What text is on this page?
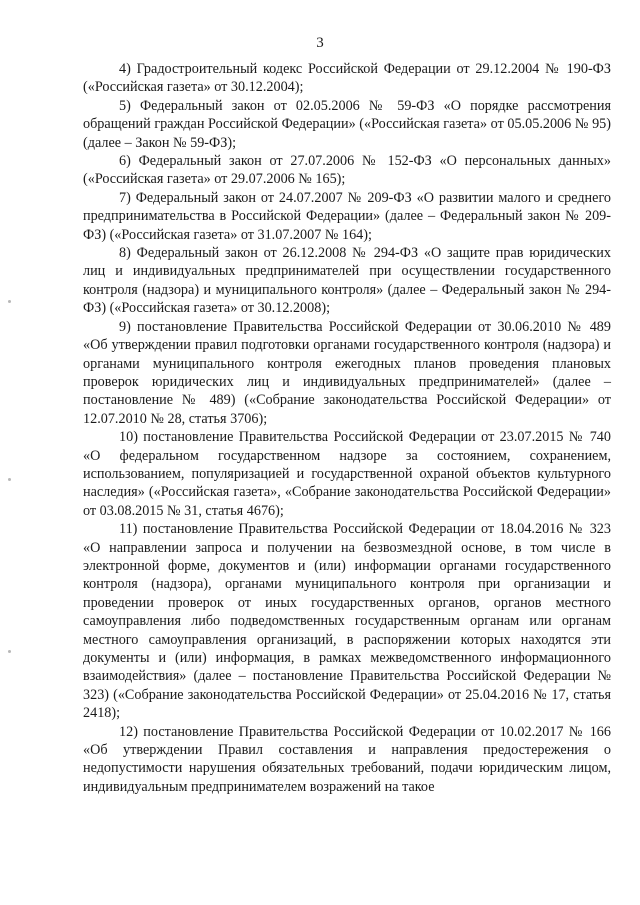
3

4) Градостроительный кодекс Российской Федерации от 29.12.2004 № 190-ФЗ («Российская газета» от 30.12.2004);

5) Федеральный закон от 02.05.2006 № 59-ФЗ «О порядке рассмотрения обращений граждан Российской Федерации» («Российская газета» от 05.05.2006 № 95) (далее – Закон № 59-ФЗ);

6) Федеральный закон от 27.07.2006 № 152-ФЗ «О персональных данных» («Российская газета» от 29.07.2006 № 165);

7) Федеральный закон от 24.07.2007 № 209-ФЗ «О развитии малого и среднего предпринимательства в Российской Федерации» (далее – Федеральный закон № 209-ФЗ) («Российская газета» от 31.07.2007 № 164);

8) Федеральный закон от 26.12.2008 № 294-ФЗ «О защите прав юридических лиц и индивидуальных предпринимателей при осуществлении государственного контроля (надзора) и муниципального контроля» (далее – Федеральный закон № 294-ФЗ) («Российская газета» от 30.12.2008);

9) постановление Правительства Российской Федерации от 30.06.2010 № 489 «Об утверждении правил подготовки органами государственного контроля (надзора) и органами муниципального контроля ежегодных планов проведения плановых проверок юридических лиц и индивидуальных предпринимателей» (далее – постановление № 489) («Собрание законодательства Российской Федерации» от 12.07.2010 № 28, статья 3706);

10) постановление Правительства Российской Федерации от 23.07.2015 № 740 «О федеральном государственном надзоре за состоянием, сохранением, использованием, популяризацией и государственной охраной объектов культурного наследия» («Российская газета», «Собрание законодательства Российской Федерации» от 03.08.2015 № 31, статья 4676);

11) постановление Правительства Российской Федерации от 18.04.2016 № 323 «О направлении запроса и получении на безвозмездной основе, в том числе в электронной форме, документов и (или) информации органами государственного контроля (надзора), органами муниципального контроля при организации и проведении проверок от иных государственных органов, органов местного самоуправления либо подведомственных государственным органам или органам местного самоуправления организаций, в распоряжении которых находятся эти документы и (или) информация, в рамках межведомственного информационного взаимодействия» (далее – постановление Правительства Российской Федерации № 323) («Собрание законодательства Российской Федерации» от 25.04.2016 № 17, статья 2418);

12) постановление Правительства Российской Федерации от 10.02.2017 № 166 «Об утверждении Правил составления и направления предостережения о недопустимости нарушения обязательных требований, подачи юридическим лицом, индивидуальным предпринимателем возражений на такое
